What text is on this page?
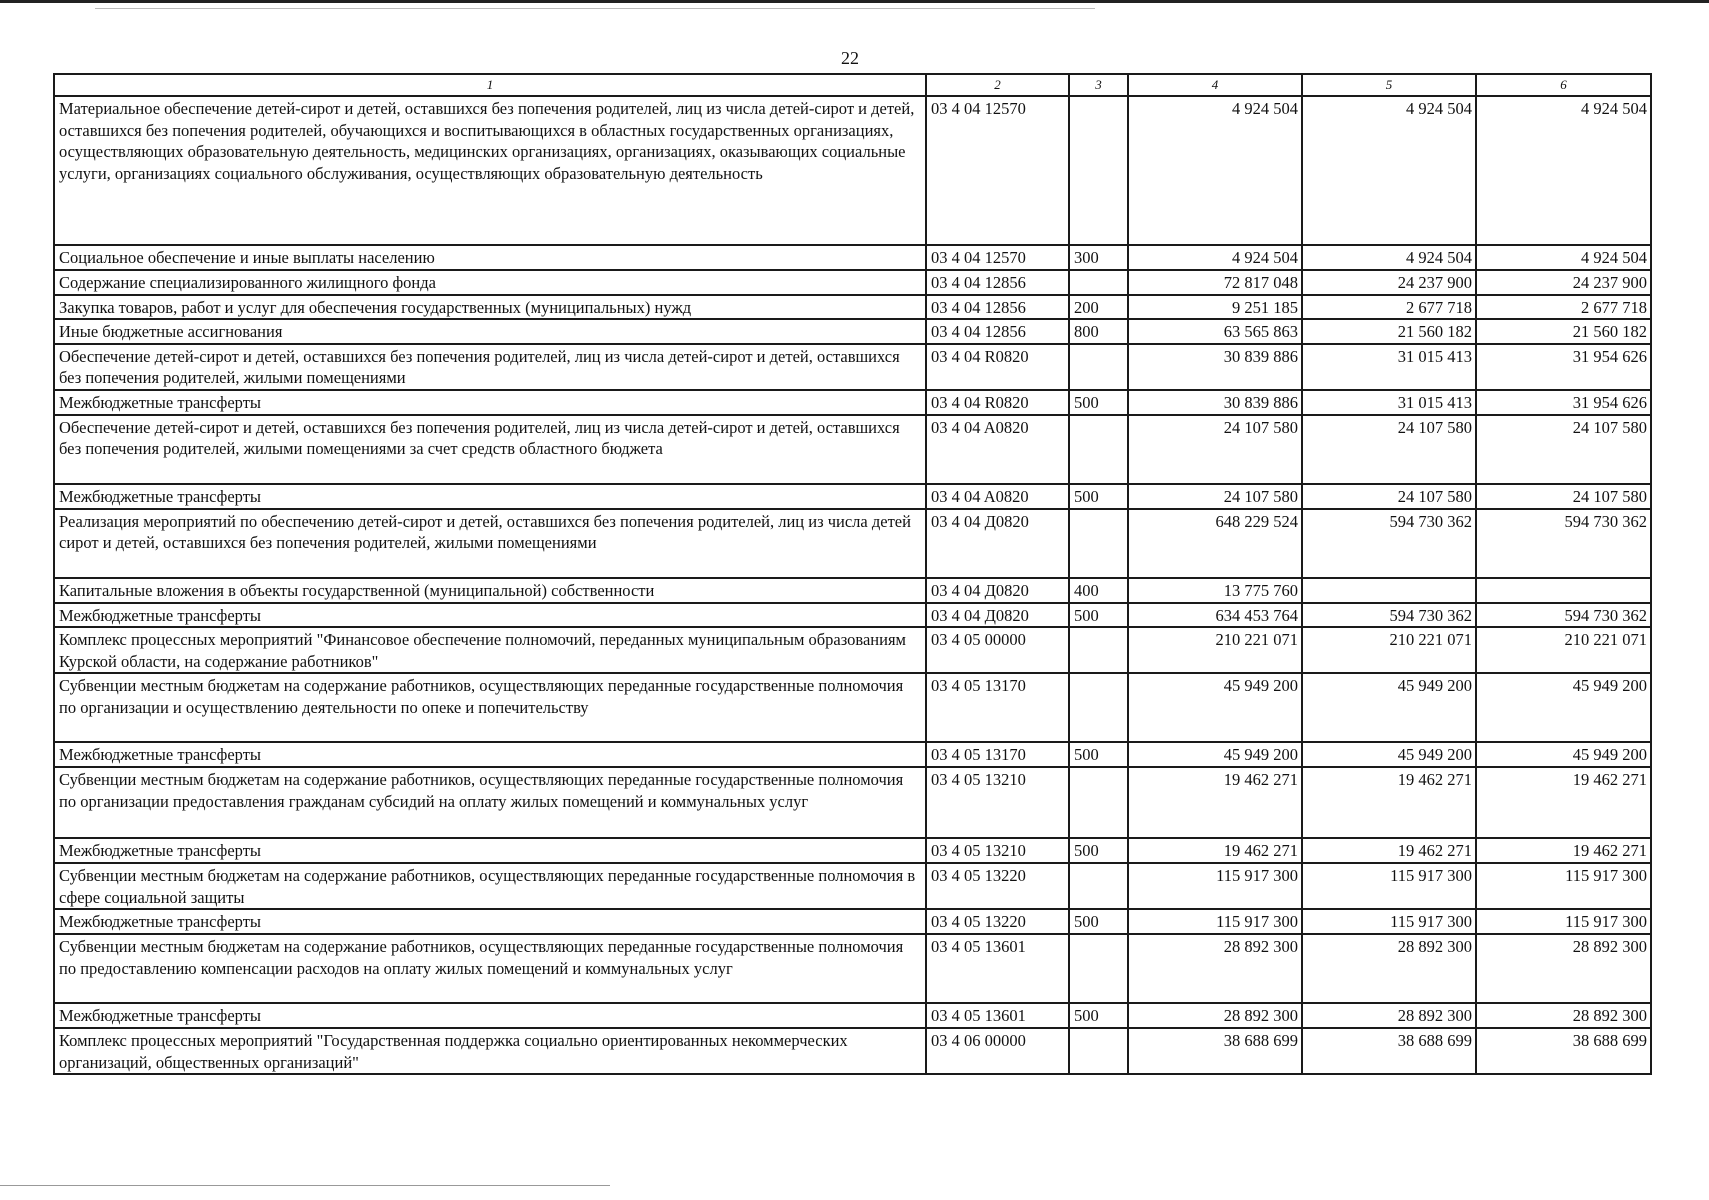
22
1	2	3	4	5	6
Материальное обеспечение детей-сирот и детей, оставшихся без попечения родителей, лиц из числа детей-сирот и детей, оставшихся без попечения родителей, обучающихся и воспитывающихся в областных государственных организациях, осуществляющих образовательную деятельность, медицинских организациях, организациях, оказывающих социальные услуги, организациях социального обслуживания, осуществляющих образовательную деятельность	03 4 04 12570		4 924 504	4 924 504	4 924 504
Социальное обеспечение и иные выплаты населению	03 4 04 12570	300	4 924 504	4 924 504	4 924 504
Содержание специализированного жилищного фонда	03 4 04 12856		72 817 048	24 237 900	24 237 900
Закупка товаров, работ и услуг для обеспечения государственных (муниципальных) нужд	03 4 04 12856	200	9 251 185	2 677 718	2 677 718
Иные бюджетные ассигнования	03 4 04 12856	800	63 565 863	21 560 182	21 560 182
Обеспечение детей-сирот и детей, оставшихся без попечения родителей, лиц из числа детей-сирот и детей, оставшихся без попечения родителей, жилыми помещениями	03 4 04 R0820		30 839 886	31 015 413	31 954 626
Межбюджетные трансферты	03 4 04 R0820	500	30 839 886	31 015 413	31 954 626
Обеспечение детей-сирот и детей, оставшихся без попечения родителей, лиц из числа детей-сирот и детей, оставшихся без попечения родителей, жилыми помещениями за счет средств областного бюджета	03 4 04 A0820		24 107 580	24 107 580	24 107 580
Межбюджетные трансферты	03 4 04 A0820	500	24 107 580	24 107 580	24 107 580
Реализация мероприятий по обеспечению детей-сирот и детей, оставшихся без попечения родителей, лиц из числа детей сирот и детей, оставшихся без попечения родителей, жилыми помещениями	03 4 04 Д0820		648 229 524	594 730 362	594 730 362
Капитальные вложения в объекты государственной (муниципальной) собственности	03 4 04 Д0820	400	13 775 760		
Межбюджетные трансферты	03 4 04 Д0820	500	634 453 764	594 730 362	594 730 362
Комплекс процессных мероприятий "Финансовое обеспечение полномочий, переданных муниципальным образованиям Курской области, на содержание работников"	03 4 05 00000		210 221 071	210 221 071	210 221 071
Субвенции местным бюджетам на содержание работников, осуществляющих переданные государственные полномочия по организации и осуществлению деятельности по опеке и попечительству	03 4 05 13170		45 949 200	45 949 200	45 949 200
Межбюджетные трансферты	03 4 05 13170	500	45 949 200	45 949 200	45 949 200
Субвенции местным бюджетам на содержание работников, осуществляющих переданные государственные полномочия по организации предоставления гражданам субсидий на оплату жилых помещений и коммунальных услуг	03 4 05 13210		19 462 271	19 462 271	19 462 271
Межбюджетные трансферты	03 4 05 13210	500	19 462 271	19 462 271	19 462 271
Субвенции местным бюджетам на содержание работников, осуществляющих переданные государственные полномочия в сфере социальной защиты	03 4 05 13220		115 917 300	115 917 300	115 917 300
Межбюджетные трансферты	03 4 05 13220	500	115 917 300	115 917 300	115 917 300
Субвенции местным бюджетам на содержание работников, осуществляющих переданные государственные полномочия по предоставлению компенсации расходов на оплату жилых помещений и коммунальных услуг	03 4 05 13601		28 892 300	28 892 300	28 892 300
Межбюджетные трансферты	03 4 05 13601	500	28 892 300	28 892 300	28 892 300
Комплекс процессных мероприятий "Государственная поддержка социально ориентированных некоммерческих организаций, общественных организаций"	03 4 06 00000		38 688 699	38 688 699	38 688 699
